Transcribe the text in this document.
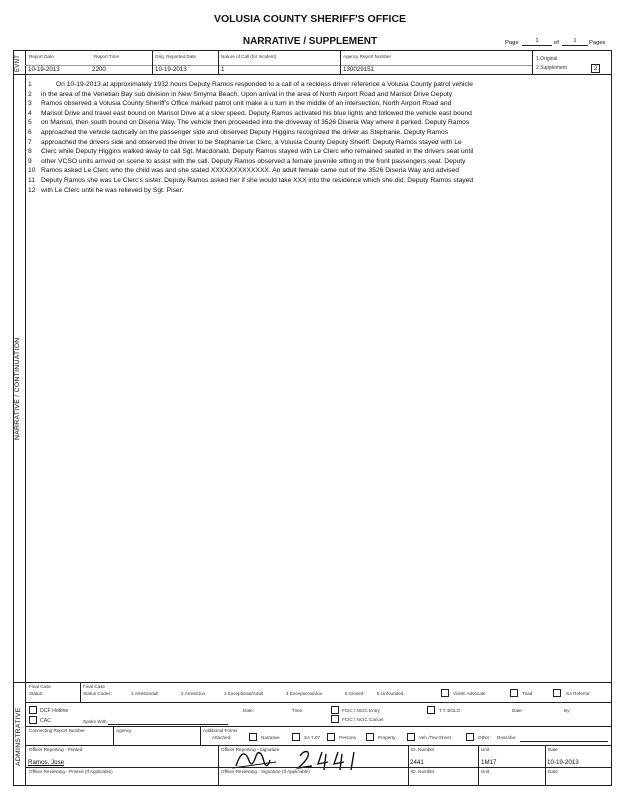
VOLUSIA COUNTY SHERIFF'S OFFICE
NARRATIVE / SUPPLEMENT	Page	1	of	1	Pages
EVNT Report Date
10-19-2013
Report Time
2200
Orig. Reported Date
10-19-2013
Nature of Call (for Incident)
1
Agency Report Number
130029151
1.Original
2.Supplement	2
NARRATIVE / CONTINUATION
1	On 10-19-2013 at approximately 1932 hours Deputy Ramos responded to a call of a reckless driver reference a Volusia County patrol vehicle
2	in the area of the Venetian Bay sub division in New Smyrna Beach. Upon arrival in the area of North Airport Road and Marisol Drive Deputy
3	Ramos observed a Volusia County Sheriff's Office marked patrol unit make a u turn in the middle of an intersection, North Airport Road and
4	Marisol Drive and travel east bound on Marisol Drive at a slow speed. Deputy Ramos activated his blue lights and followed the vehicle east bound
5	on Marisol, then south bound on Diseria Way. The vehicle then proceeded into the driveway of 3526 Diseria Way where it parked. Deputy Ramos
6	approached the vehicle tactically on the passenger side and observed Deputy Higgins recognized the driver as Stephanie. Deputy Ramos
7	approached the drivers side and observed the driver to be Stephanie Le Clerc, a Volusia County Deputy Sheriff. Deputy Ramos stayed with Le
8	Clerc while Deputy Higgins walked away to call Sgt. Macdonald. Deputy Ramos stayed with Le Clerc who remained seated in the drivers seat until
9	other VCSO units arrived on scene to assist with the call. Deputy Ramos observed a female juvenile sitting in the front passengers seat. Deputy
10 Ramos asked Le Clerc who the child was and she stated XXXXXXXXXXXXX. An adult female came out of the 3526 Diseria Way and advised
11 Deputy Ramos she was Le Clerc's sister. Deputy Ramos asked her if she would take XXX into the residence which she did. Deputy Ramos stayed
12 with Le Clerc until he was relieved by Sgt. Piser.
ADMINSTRATIVE
Final Case
Status:
Final Case
Status Codes:	1 Arrest/Adult	2 Arrest/Juv.	3 Exceptional/Adult	4 Exceptional/Juv.	5 Closed	6 Unfounded	Victim Advocate	Triad	SA Referral
DCF Hotline
CAC	Spoke With:
Date:	Time:	FCIC / NCIC Entry
FCIC / NCIC Cancel
T.T. BOLO	Date:	By:
Connecting Report Number	Agency	Additional Forms
Attached:	Narrative	SA 7.07	Persons	Property	Veh./Tow Sheet	Other: Describe:
Officer Reporting - Printed
Ramos, Jose
Officer Reporting - Signature	ID. Number
2441
Unit
1M17
Date
10-19-2013
Officer Reviewing - Printed (If Applicable)	Officer Reviewing - Signature (If Applicable)	ID. Number	Unit	Date
